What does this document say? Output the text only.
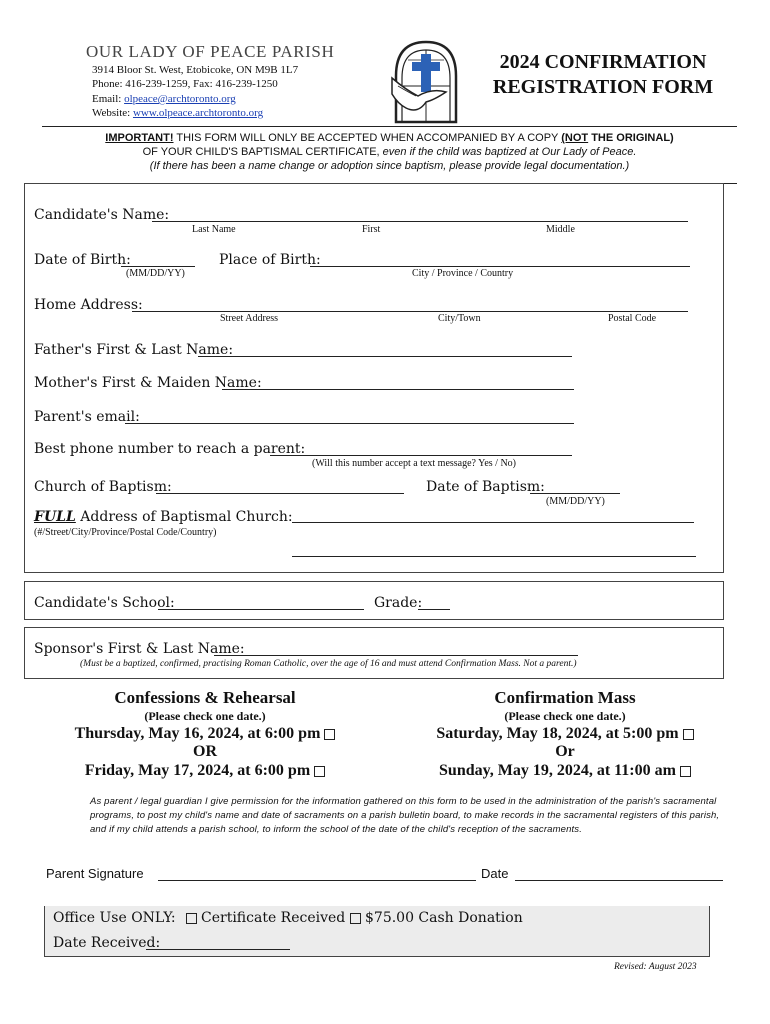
OUR LADY OF PEACE PARISH
3914 Bloor St. West, Etobicoke, ON M9B 1L7
Phone: 416-239-1259, Fax: 416-239-1250
Email: olpeace@archtoronto.org
Website: www.olpeace.archtoronto.org
2024 CONFIRMATION
REGISTRATION FORM
IMPORTANT! THIS FORM WILL ONLY BE ACCEPTED WHEN ACCOMPANIED BY A COPY (NOT THE ORIGINAL)
OF YOUR CHILD'S BAPTISMAL CERTIFICATE, even if the child was baptized at Our Lady of Peace.
(If there has been a name change or adoption since baptism, please provide legal documentation.)
Candidate's Name:
Last Name	First	Middle
Date of Birth:
(MM/DD/YY)
Place of Birth:
City / Province / Country
Home Address:
Street Address	City/Town	Postal Code
Father's First & Last Name:
Mother's First & Maiden Name:
Parent's email:
Best phone number to reach a parent:
(Will this number accept a text message? Yes / No)
Church of Baptism:	Date of Baptism:
(MM/DD/YY)
FULL Address of Baptismal Church:
(#/Street/City/Province/Postal Code/Country)
Candidate's School:	Grade:
Sponsor's First & Last Name:
(Must be a baptized, confirmed, practising Roman Catholic, over the age of 16 and must attend Confirmation Mass. Not a parent.)
Confessions & Rehearsal
(Please check one date.)
Thursday, May 16, 2024, at 6:00 pm
OR
Friday, May 17, 2024, at 6:00 pm
Confirmation Mass
(Please check one date.)
Saturday, May 18, 2024, at 5:00 pm
Or
Sunday, May 19, 2024, at 11:00 am
As parent / legal guardian I give permission for the information gathered on this form to be used in the administration of the parish's sacramental programs, to post my child's name and date of sacraments on a parish bulletin board, to make records in the sacramental registers of this parish, and if my child attends a parish school, to inform the school of the date of the child's reception of the sacraments.
Parent Signature	Date
Office Use ONLY:	Certificate Received	$75.00 Cash Donation
Date Received:
Revised: August 2023
